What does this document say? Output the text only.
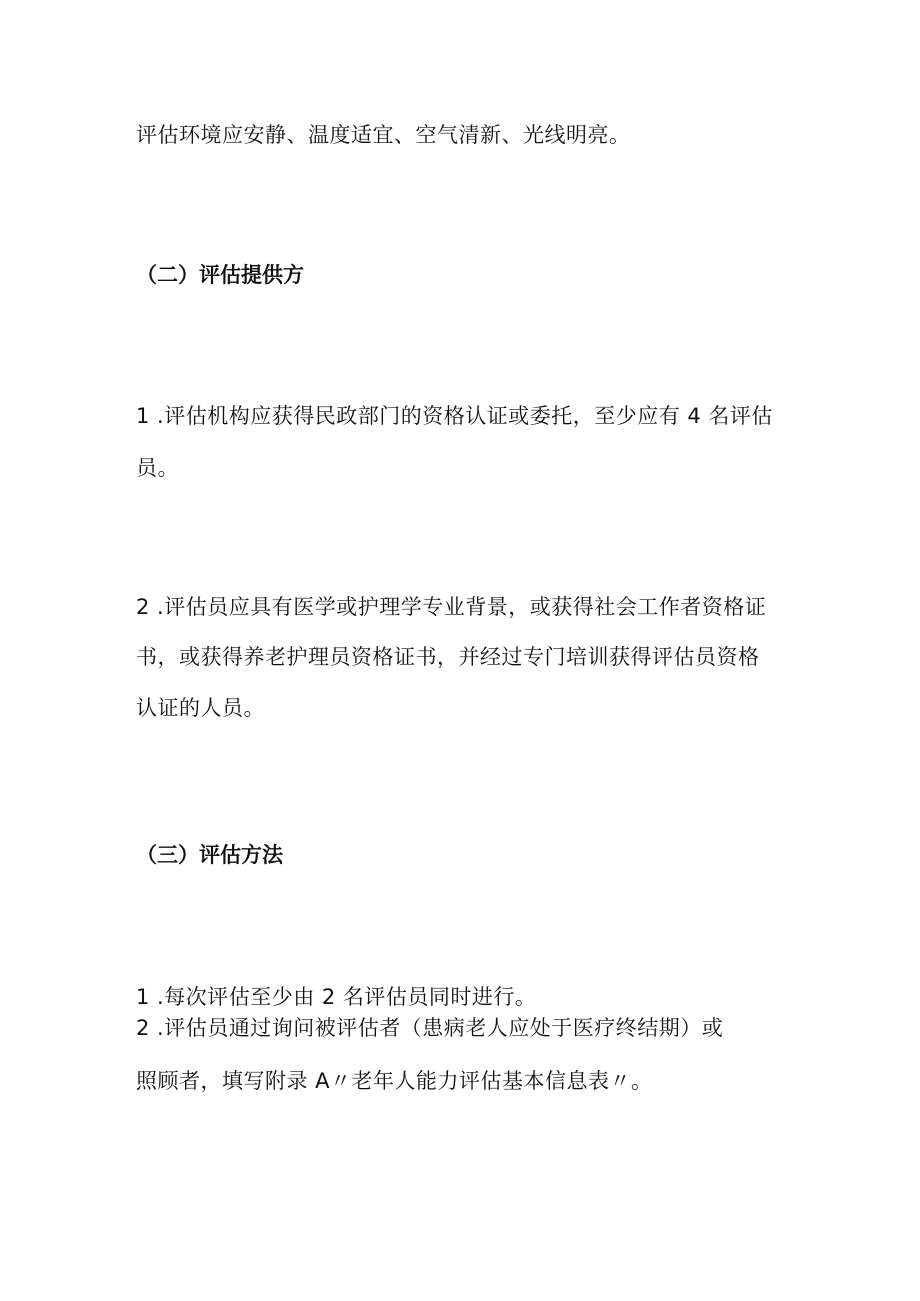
评估环境应安静、温度适宜、空气清新、光线明亮。
（二）评估提供方
1 .评估机构应获得民政部门的资格认证或委托，至少应有 4 名评估
员。
2 .评估员应具有医学或护理学专业背景，或获得社会工作者资格证
书，或获得养老护理员资格证书，并经过专门培训获得评估员资格
认证的人员。
（三）评估方法
1 .每次评估至少由 2 名评估员同时进行。
2 .评估员通过询问被评估者（患病老人应处于医疗终结期）或
照顾者，填写附录 A〃老年人能力评估基本信息表〃。
